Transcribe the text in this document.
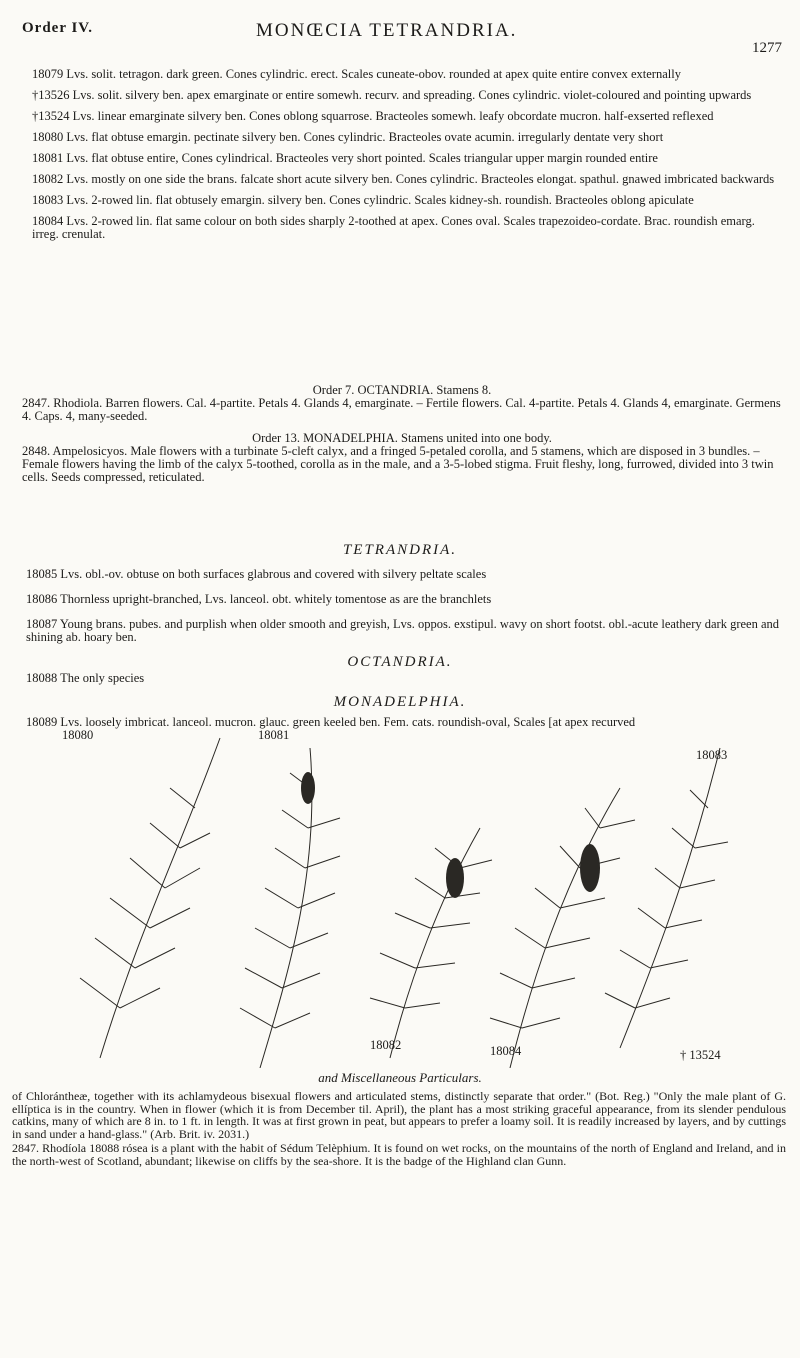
Order IV.	MONŒCIA TETRANDRIA.
1277

18079 Lvs. solit. tetragon. dark green. Cones cylindric. erect. Scales cuneate-obov. rounded at apex quite entire convex externally

†13526 Lvs. solit. silvery ben. apex emarginate or entire somewh. recurv. and spreading. Cones cylindric. violet-coloured and pointing upwards

†13524 Lvs. linear emarginate silvery ben. Cones oblong squarrose. Bracteoles somewh. leafy obcordate mucron. half-exserted reflexed

18080 Lvs. flat obtuse emargin. pectinate silvery ben. Cones cylindric. Bracteoles ovate acumin. irregularly dentate very short

18081 Lvs. flat obtuse entire, Cones cylindrical. Bracteoles very short pointed. Scales triangular upper margin rounded entire

18082 Lvs. mostly on one side the brans. falcate short acute silvery ben. Cones cylindric. Bracteoles elongat. spathul. gnawed imbricated backwards

18083 Lvs. 2-rowed lin. flat obtusely emargin. silvery ben. Cones cylindric. Scales kidney-sh. roundish. Bracteoles oblong apiculate

18084 Lvs. 2-rowed lin. flat same colour on both sides sharply 2-toothed at apex. Cones oval. Scales trapezoideo-cordate. Brac. roundish emarg. irreg. crenulat.

Order 7. OCTANDRIA. Stamens 8.
2847. Rhodiola. Barren flowers. Cal. 4-partite. Petals 4. Glands 4, emarginate. – Fertile flowers. Cal. 4-partite. Petals 4. Glands 4, emarginate. Germens 4. Caps. 4, many-seeded.
Order 13. MONADELPHIA. Stamens united into one body.
2848. Ampelosicyos. Male flowers with a turbinate 5-cleft calyx, and a fringed 5-petaled corolla, and 5 stamens, which are disposed in 3 bundles. – Female flowers having the limb of the calyx 5-toothed, corolla as in the male, and a 3-5-lobed stigma. Fruit fleshy, long, furrowed, divided into 3 twin cells. Seeds compressed, reticulated.
TETRANDRIA.

18085 Lvs. obl.-ov. obtuse on both surfaces glabrous and covered with silvery peltate scales

18086 Thornless upright-branched, Lvs. lanceol. obt. whitely tomentose as are the branchlets

18087 Young brans. pubes. and purplish when older smooth and greyish, Lvs. oppos. exstipul. wavy on short footst. obl.-acute leathery dark green and shining ab. hoary ben.

OCTANDRIA.

18088 The only species

MONADELPHIA.

18089 Lvs. loosely imbricat. lanceol. mucron. glauc. green keeled ben. Fem. cats. roundish-oval, Scales [at apex recurved

18080	18081
18083
18082	18084	† 13524
and Miscellaneous Particulars.

of Chlorántheæ, together with its achlamydeous bisexual flowers and articulated stems, distinctly separate that order." (Bot. Reg.) "Only the male plant of G. ellíptica is in the country. When in flower (which it is from December til. April), the plant has a most striking graceful appearance, from its slender pendulous catkins, many of which are 8 in. to 1 ft. in length. It was at first grown in peat, but appears to prefer a loamy soil. It is readily increased by layers, and by cuttings in sand under a hand-glass." (Arb. Brit. iv. 2031.)

2847. Rhodíola 18088 rósea is a plant with the habit of Sédum Telèphium. It is found on wet rocks, on the mountains of the north of England and Ireland, and in the north-west of Scotland, abundant; likewise on cliffs by the sea-shore. It is the badge of the Highland clan Gunn.
